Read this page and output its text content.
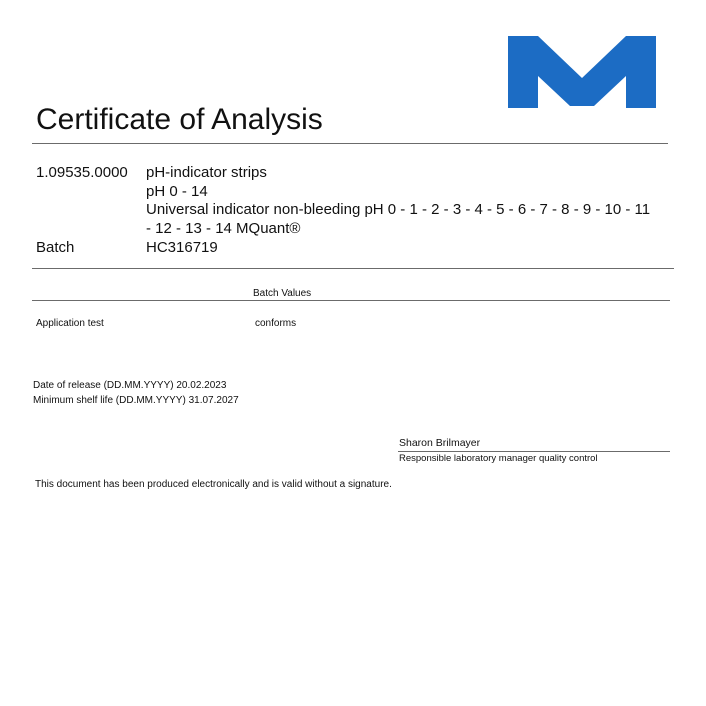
Certificate of Analysis
1.09535.0000 pH-indicator strips
pH 0 - 14
Universal indicator non-bleeding pH 0 - 1 - 2 - 3 - 4 - 5 - 6 - 7 - 8 - 9 - 10 - 11
- 12 - 13 - 14 MQuant®
Batch	HC316719
Batch Values
Application test	conforms
Date of release (DD.MM.YYYY) 20.02.2023
Minimum shelf life (DD.MM.YYYY) 31.07.2027
Sharon Brilmayer
Responsible laboratory manager quality control
This document has been produced electronically and is valid without a signature.
